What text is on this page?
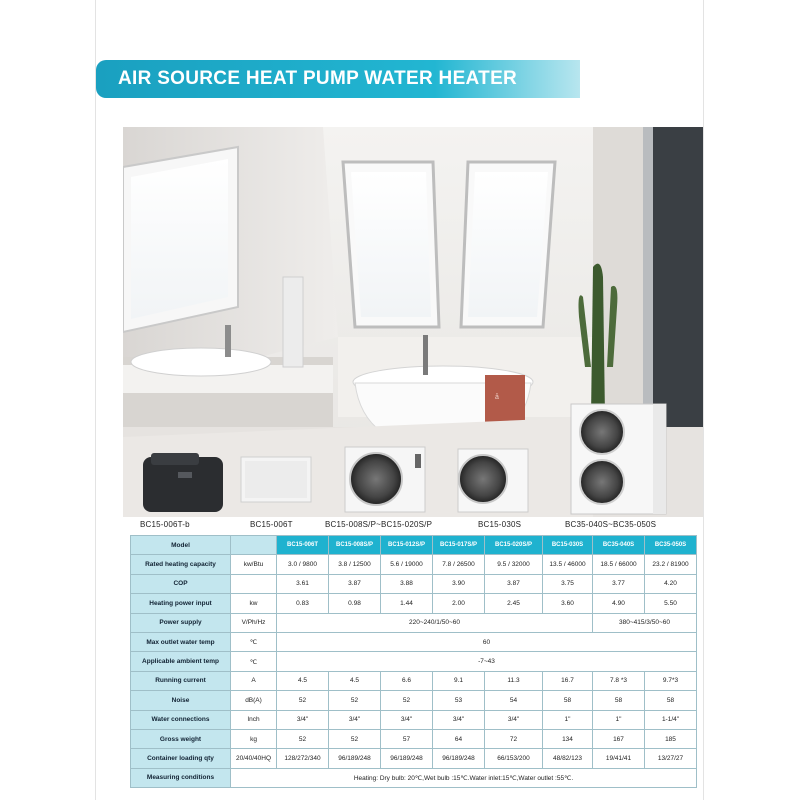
AIR SOURCE HEAT PUMP WATER HEATER
å
BC15-006T-b	BC15-006T	BC15-008S/P~BC15-020S/P	BC15-030S	BC35-040S~BC35-050S
Model		BC15-006T	BC15-008S/P	BC15-012S/P	BC15-017S/P	BC15-020S/P	BC15-030S	BC35-040S	BC35-050S
Rated heating capacity	kw/Btu	3.0 / 9800	3.8 / 12500	5.6 / 19000	7.8 / 26500	9.5 / 32000	13.5 / 46000	18.5 / 66000	23.2 / 81900
COP		3.61	3.87	3.88	3.90	3.87	3.75	3.77	4.20
Heating power input	kw	0.83	0.98	1.44	2.00	2.45	3.60	4.90	5.50
Power supply	V/Ph/Hz	220~240/1/50~60						380~415/3/50~60	
Max outlet water temp	℃	60							
Applicable ambient temp	℃	-7~43							
Running current	A	4.5	4.5	6.6	9.1	11.3	16.7	7.8 *3	9.7*3
Noise	dB(A)	52	52	52	53	54	58	58	58
Water connections	Inch	3/4"	3/4"	3/4"	3/4"	3/4"	1"	1"	1-1/4"
Gross weight	kg	52	52	57	64	72	134	167	185
Container loading qty	20/40/40HQ	128/272/340	96/189/248	96/189/248	96/189/248	66/153/200	48/82/123	19/41/41	13/27/27
Measuring conditions	Heating: Dry bulb: 20℃,Wet bulb :15℃.Water inlet:15℃,Water outlet :55℃.								
